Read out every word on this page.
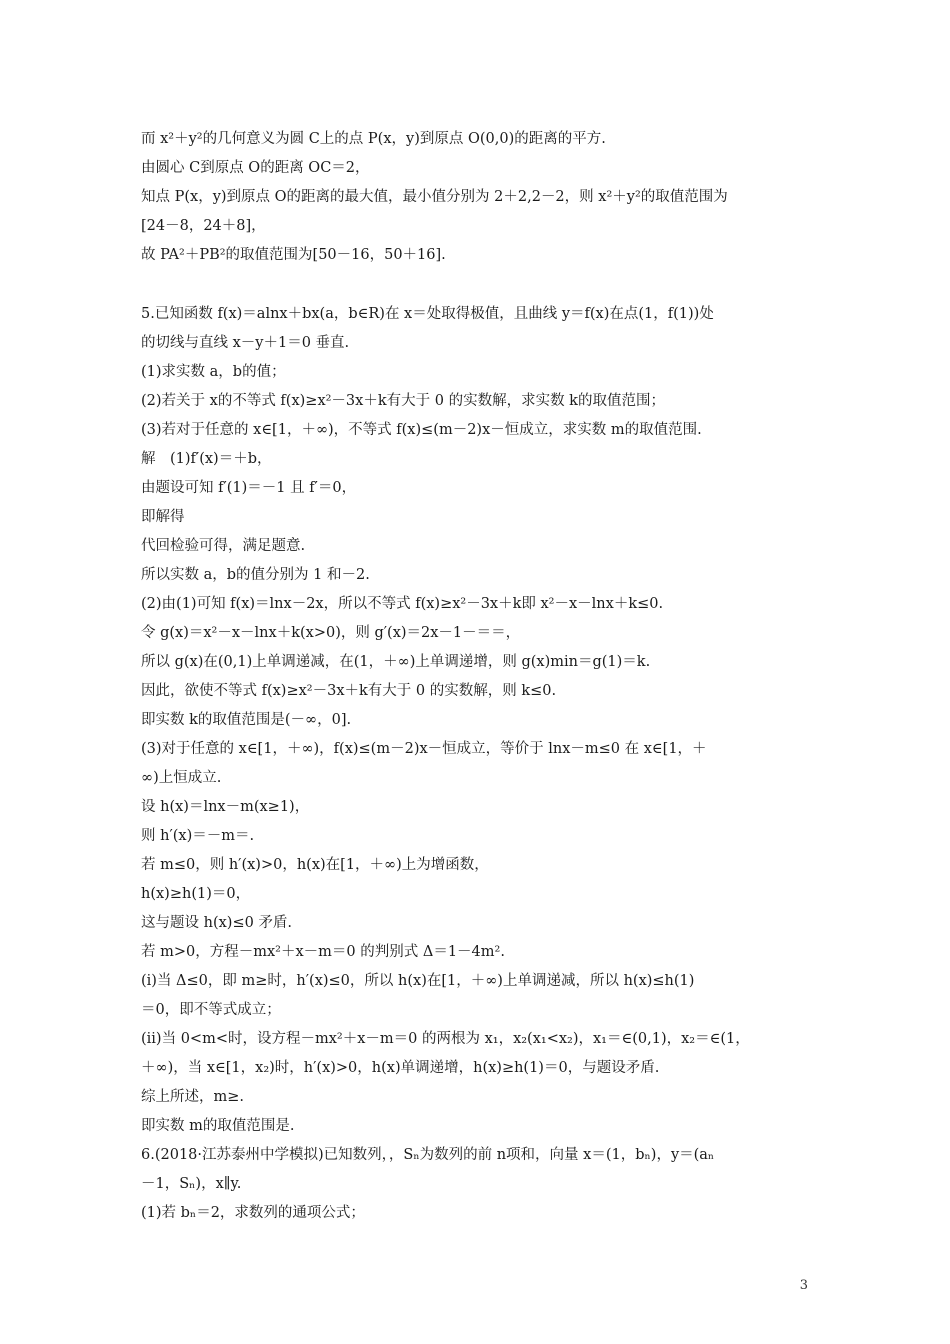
而 x²＋y²的几何意义为圆 C上的点 P(x，y)到原点 O(0,0)的距离的平方.
由圆心 C到原点 O的距离 OC＝2，
知点 P(x，y)到原点 O的距离的最大值，最小值分别为 2＋2,2－2，则 x²＋y²的取值范围为
[24－8，24＋8]，
故 PA²＋PB²的取值范围为[50－16，50＋16].
5.已知函数 f(x)＝alnx＋bx(a，b∈R)在 x＝处取得极值，且曲线 y＝f(x)在点(1，f(1))处
的切线与直线 x－y＋1＝0 垂直.
(1)求实数 a，b的值；
(2)若关于 x的不等式 f(x)≥x²－3x＋k有大于 0 的实数解，求实数 k的取值范围；
(3)若对于任意的 x∈[1，＋∞)，不等式 f(x)≤(m－2)x－恒成立，求实数 m的取值范围.
解　(1)f′(x)＝＋b，
由题设可知 f′(1)＝－1 且 f′＝0，
即解得
代回检验可得，满足题意.
所以实数 a，b的值分别为 1 和－2.
(2)由(1)可知 f(x)＝lnx－2x，所以不等式 f(x)≥x²－3x＋k即 x²－x－lnx＋k≤0.
令 g(x)＝x²－x－lnx＋k(x>0)，则 g′(x)＝2x－1－＝＝，
所以 g(x)在(0,1)上单调递减，在(1，＋∞)上单调递增，则 g(x)min＝g(1)＝k.
因此，欲使不等式 f(x)≥x²－3x＋k有大于 0 的实数解，则 k≤0.
即实数 k的取值范围是(－∞，0].
(3)对于任意的 x∈[1，＋∞)，f(x)≤(m－2)x－恒成立，等价于 lnx－m≤0 在 x∈[1，＋
∞)上恒成立.
设 h(x)＝lnx－m(x≥1)，
则 h′(x)＝－m＝.
若 m≤0，则 h′(x)>0，h(x)在[1，＋∞)上为增函数，
h(x)≥h(1)＝0，
这与题设 h(x)≤0 矛盾.
若 m>0，方程－mx²＋x－m＝0 的判别式 Δ＝1－4m².
(i)当 Δ≤0，即 m≥时，h′(x)≤0，所以 h(x)在[1，＋∞)上单调递减，所以 h(x)≤h(1)
＝0，即不等式成立；
(ii)当 0<m<时，设方程－mx²＋x－m＝0 的两根为 x₁，x₂(x₁<x₂)，x₁＝∈(0,1)，x₂＝∈(1，
＋∞)，当 x∈[1，x₂)时，h′(x)>0，h(x)单调递增，h(x)≥h(1)＝0，与题设矛盾.
综上所述，m≥.
即实数 m的取值范围是.
6.(2018·江苏泰州中学模拟)已知数列，，Sₙ为数列的前 n项和，向量 x＝(1，bₙ)，y＝(aₙ
－1，Sₙ)，x∥y.
(1)若 bₙ＝2，求数列的通项公式；
3
